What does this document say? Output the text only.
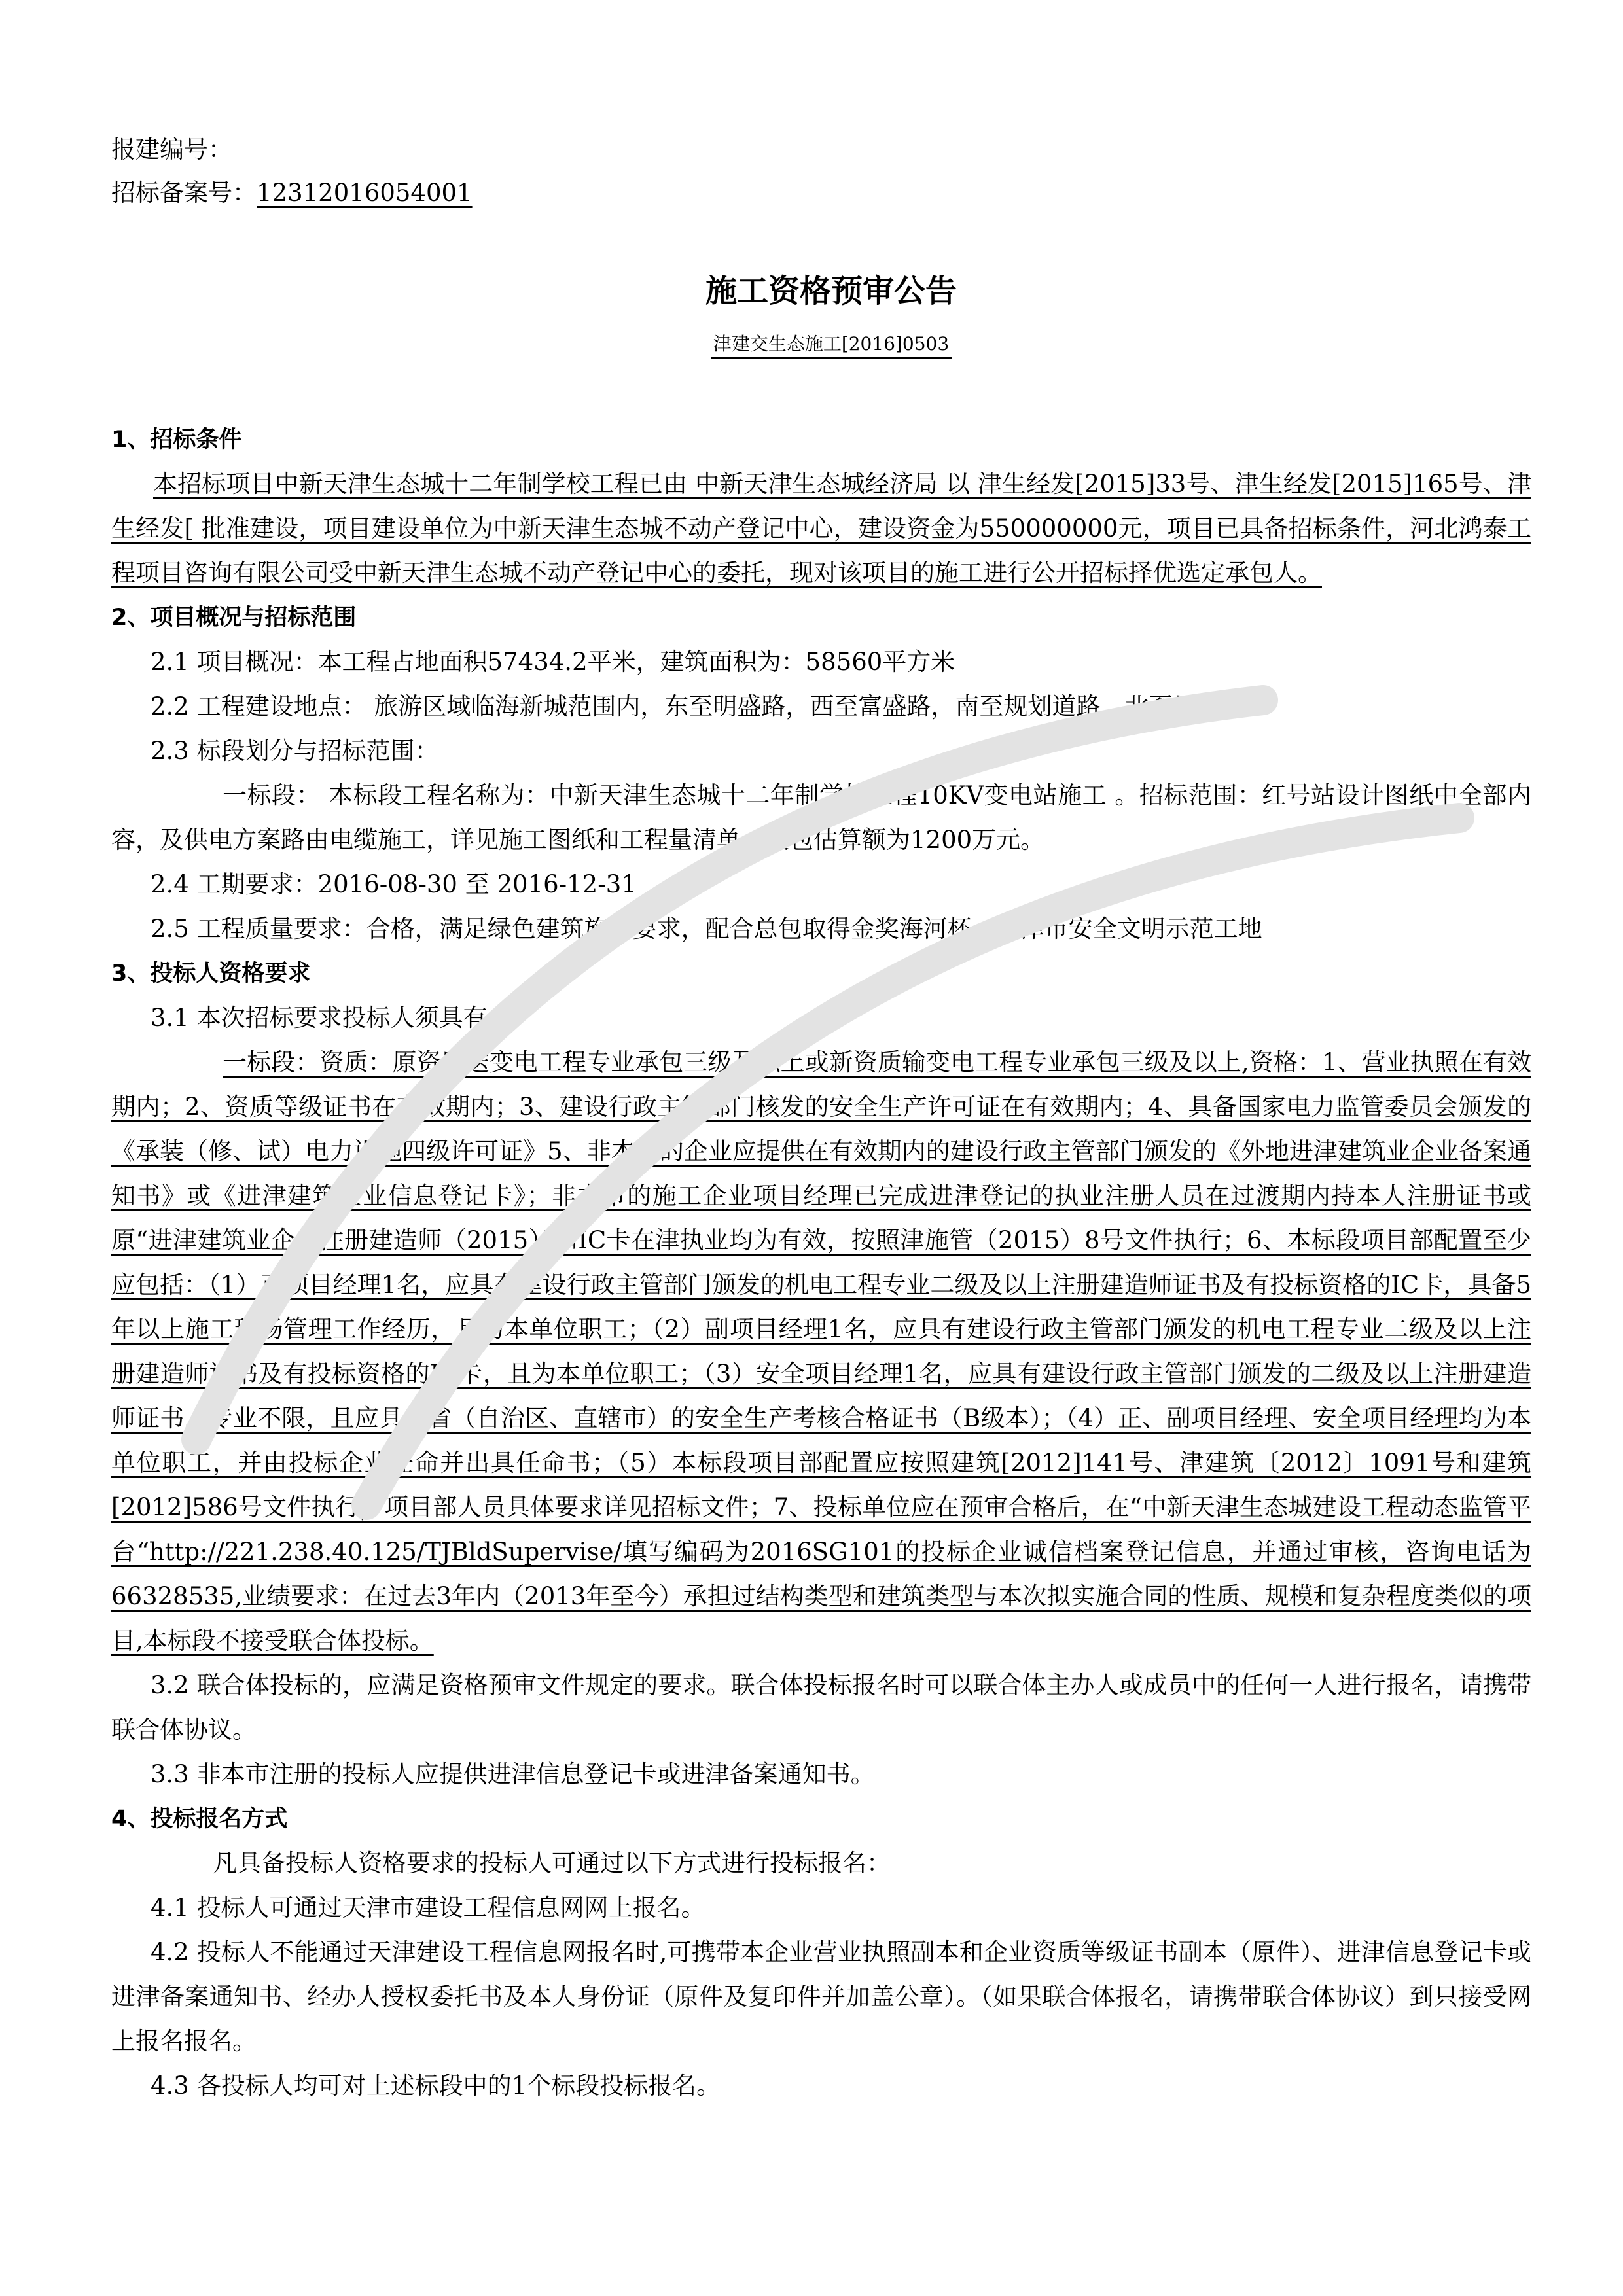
报建编号：

招标备案号：12312016054001

施工资格预审公告
津建交生态施工[2016]0503

1、招标条件

本招标项目中新天津生态城十二年制学校工程已由 中新天津生态城经济局 以 津生经发[2015]33号、津生经发[2015]165号、津生经发[ 批准建设，项目建设单位为中新天津生态城不动产登记中心，建设资金为550000000元，项目已具备招标条件，河北鸿泰工程项目咨询有限公司受中新天津生态城不动产登记中心的委托，现对该项目的施工进行公开招标择优选定承包人。

2、项目概况与招标范围

2.1 项目概况：本工程占地面积57434.2平米，建筑面积为：58560平方米

2.2 工程建设地点： 旅游区域临海新城范围内，东至明盛路，西至富盛路，南至规划道路，北至川博路

2.3 标段划分与招标范围：

一标段： 本标段工程名称为：中新天津生态城十二年制学校工程10KV变电站施工 。招标范围：红号站设计图纸中全部内容，及供电方案路由电缆施工，详见施工图纸和工程量清单。发包估算额为1200万元。

2.4 工期要求：2016-08-30 至 2016-12-31

2.5 工程质量要求：合格，满足绿色建筑施工要求，配合总包取得金奖海河杯、天津市安全文明示范工地

3、投标人资格要求

3.1 本次招标要求投标人须具有：

一标段：资质：原资质送变电工程专业承包三级及以上或新资质输变电工程专业承包三级及以上,资格：1、营业执照在有效期内；2、资质等级证书在有效期内；3、建设行政主管部门核发的安全生产许可证在有效期内；4、具备国家电力监管委员会颁发的《承装（修、试）电力设施四级许可证》5、非本市的企业应提供在有效期内的建设行政主管部门颁发的《外地进津建筑业企业备案通知书》或《进津建筑企业信息登记卡》；非本市的施工企业项目经理已完成进津登记的执业注册人员在过渡期内持本人注册证书或原“进津建筑业企业注册建造师（2015）”和IC卡在津执业均为有效，按照津施管（2015）8号文件执行；6、本标段项目部配置至少应包括：（1）正项目经理1名，应具有建设行政主管部门颁发的机电工程专业二级及以上注册建造师证书及有投标资格的IC卡，具备5年以上施工现场管理工作经历，且为本单位职工；（2）副项目经理1名，应具有建设行政主管部门颁发的机电工程专业二级及以上注册建造师证书及有投标资格的IC卡，且为本单位职工；（3）安全项目经理1名，应具有建设行政主管部门颁发的二级及以上注册建造师证书，专业不限，且应具备省（自治区、直辖市）的安全生产考核合格证书（B级本）；（4）正、副项目经理、安全项目经理均为本单位职工，并由投标企业任命并出具任命书；（5）本标段项目部配置应按照建筑[2012]141号、津建筑〔2012〕1091号和建筑[2012]586号文件执行，项目部人员具体要求详见招标文件；7、投标单位应在预审合格后，在“中新天津生态城建设工程动态监管平台“http://221.238.40.125/TJBldSupervise/填写编码为2016SG101的投标企业诚信档案登记信息，并通过审核，咨询电话为66328535,业绩要求：在过去3年内（2013年至今）承担过结构类型和建筑类型与本次拟实施合同的性质、规模和复杂程度类似的项目,本标段不接受联合体投标。

3.2 联合体投标的，应满足资格预审文件规定的要求。联合体投标报名时可以联合体主办人或成员中的任何一人进行报名，请携带联合体协议。

3.3 非本市注册的投标人应提供进津信息登记卡或进津备案通知书。

4、投标报名方式

凡具备投标人资格要求的投标人可通过以下方式进行投标报名：

4.1 投标人可通过天津市建设工程信息网网上报名。

4.2 投标人不能通过天津建设工程信息网报名时,可携带本企业营业执照副本和企业资质等级证书副本（原件）、进津信息登记卡或进津备案通知书、经办人授权委托书及本人身份证（原件及复印件并加盖公章）。（如果联合体报名，请携带联合体协议）到只接受网上报名报名。

4.3 各投标人均可对上述标段中的1个标段投标报名。
